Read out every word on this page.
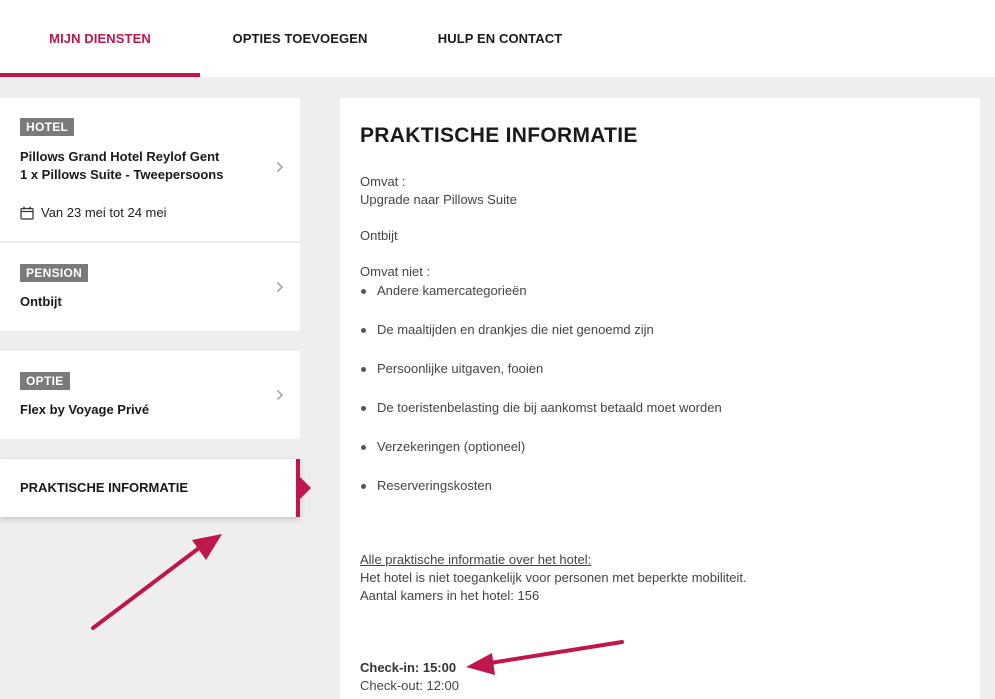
MIJN DIENSTEN	OPTIES TOEVOEGEN	HULP EN CONTACT
HOTEL
Pillows Grand Hotel Reylof Gent
1 x Pillows Suite - Tweepersoons
Van 23 mei tot 24 mei
PENSION
Ontbijt
OPTIE
Flex by Voyage Privé
PRAKTISCHE INFORMATIE
PRAKTISCHE INFORMATIE
Omvat :
Upgrade naar Pillows Suite
Ontbijt
Omvat niet :
Andere kamercategorieën
De maaltijden en drankjes die niet genoemd zijn
Persoonlijke uitgaven, fooien
De toeristenbelasting die bij aankomst betaald moet worden
Verzekeringen (optioneel)
Reserveringskosten
Alle praktische informatie over het hotel:
Het hotel is niet toegankelijk voor personen met beperkte mobiliteit.
Aantal kamers in het hotel: 156
Check-in: 15:00
Check-out: 12:00
